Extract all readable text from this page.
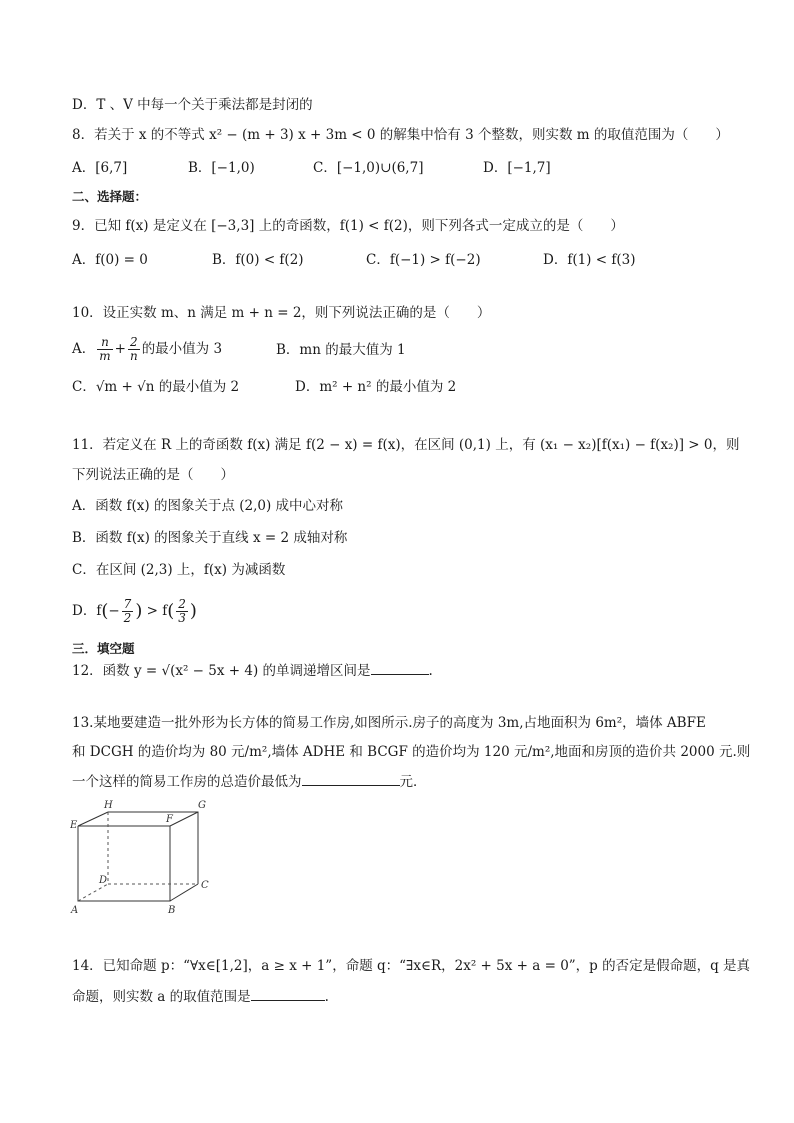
D．T 、V 中每一个关于乘法都是封闭的
8．若关于 x 的不等式 x² − (m + 3) x + 3m < 0 的解集中恰有 3 个整数，则实数 m 的取值范围为（　　）
A．[6,7]	B．[−1,0)	C．[−1,0)∪(6,7]	D．[−1,7]
二、选择题：
9．已知 f(x) 是定义在 [−3,3] 上的奇函数，f(1) < f(2)，则下列各式一定成立的是（　　）
A．f(0) = 0	B．f(0) < f(2)	C．f(−1) > f(−2)	D．f(1) < f(3)
10．设正实数 m、n 满足 m + n = 2，则下列说法正确的是（　　）
A． $\frac{n}{m} + \frac{2}{n}$ 的最小值为 3	B．mn 的最大值为 1
C．√m + √n 的最小值为 2	D．m² + n² 的最小值为 2
11．若定义在 R 上的奇函数 f(x) 满足 f(2 − x) = f(x)，在区间 (0,1) 上，有 (x₁ − x₂)[f(x₁) − f(x₂)] > 0，则
下列说法正确的是（　　）
A．函数 f(x) 的图象关于点 (2,0) 成中心对称
B．函数 f(x) 的图象关于直线 x = 2 成轴对称
C．在区间 (2,3) 上，f(x) 为减函数
D．$f(- \frac{7}{2}$ ) > $f( \frac{2}{3}$ )
三．填空题
12．函数 y = √(x² − 5x + 4) 的单调递增区间是	.
13.某地要建造一批外形为长方体的简易工作房,如图所示.房子的高度为 3m,占地面积为 6m²，墙体 ABFE
和 DCGH 的造价均为 80 元/m²,墙体 ADHE 和 BCGF 的造价均为 120 元/m²,地面和房顶的造价共 2000 元.则
一个这样的简易工作房的总造价最低为	元．
H	G
E
F
D	C
A	B
14．已知命题 p：“∀x∈[1,2]，a ≥ x + 1”，命题 q：“∃x∈R，2x² + 5x + a = 0”，p 的否定是假命题，q 是真
命题，则实数 a 的取值范围是	.
